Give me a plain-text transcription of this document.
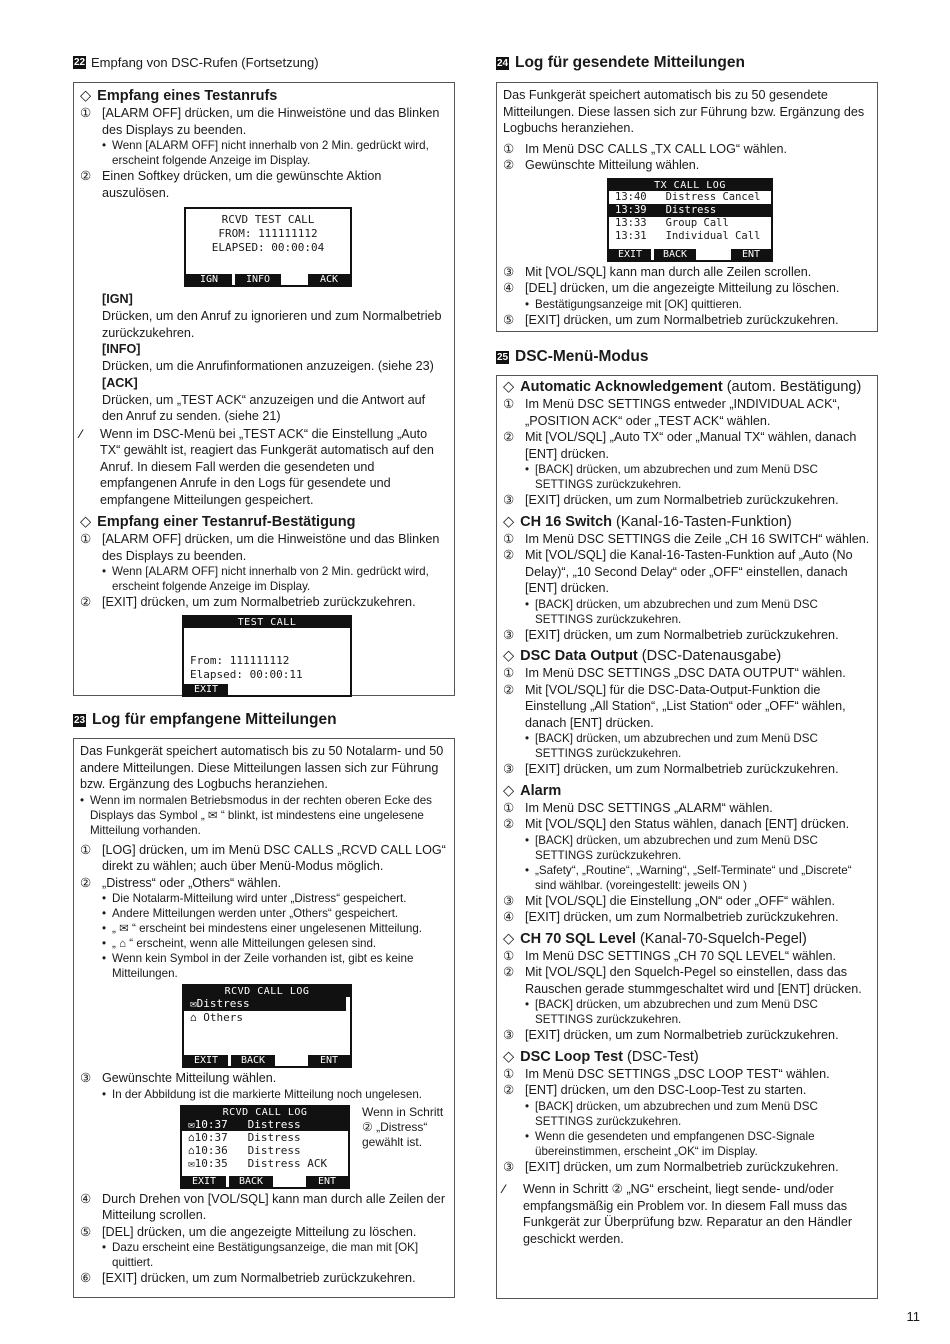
22 Empfang von DSC-Rufen (Fortsetzung)
◇ Empfang eines Testanrufs
① [ALARM OFF] drücken, um die Hinweistöne und das Blinken des Displays zu beenden.
• Wenn [ALARM OFF] nicht innerhalb von 2 Min. gedrückt wird, erscheint folgende Anzeige im Display.
② Einen Softkey drücken, um die gewünschte Aktion auszulösen.
RCVD TEST CALL
FROM: 111111112
ELAPSED: 00:00:04
IGN	INFO	ACK
[IGN]
Drücken, um den Anruf zu ignorieren und zum Normalbetrieb zurückzukehren.
[INFO]
Drücken, um die Anrufinformationen anzuzeigen. (siehe 23)
[ACK]
Drücken, um „TEST ACK“ anzuzeigen und die Antwort auf den Anruf zu senden. (siehe 21)
⁄⁄⁄	Wenn im DSC-Menü bei „TEST ACK“ die Einstellung „Auto TX“ gewählt ist, reagiert das Funkgerät automatisch auf den Anruf. In diesem Fall werden die gesendeten und empfangenen Anrufe in den Logs für gesendete und empfangene Mitteilungen gespeichert.
◇ Empfang einer Testanruf-Bestätigung
① [ALARM OFF] drücken, um die Hinweistöne und das Blinken des Displays zu beenden.
• Wenn [ALARM OFF] nicht innerhalb von 2 Min. gedrückt wird, erscheint folgende Anzeige im Display.
② [EXIT] drücken, um zum Normalbetrieb zurückzukehren.
TEST CALL
From: 111111112
Elapsed: 00:00:11
EXIT
23 Log für empfangene Mitteilungen
Das Funkgerät speichert automatisch bis zu 50 Notalarm- und 50 andere Mitteilungen. Diese Mitteilungen lassen sich zur Führung bzw. Ergänzung des Logbuchs heranziehen.
• Wenn im normalen Betriebsmodus in der rechten oberen Ecke des Displays das Symbol „ ✉ “ blinkt, ist mindestens eine ungelesene Mitteilung vorhanden.
① [LOG] drücken, um im Menü DSC CALLS „RCVD CALL LOG“ direkt zu wählen; auch über Menü-Modus möglich.
② „Distress“ oder „Others“ wählen.
• Die Notalarm-Mitteilung wird unter „Distress“ gespeichert.
• Andere Mitteilungen werden unter „Others“ gespeichert.
• „ ✉ “ erscheint bei mindestens einer ungelesenen Mitteilung.
• „ ⌂ “ erscheint, wenn alle Mitteilungen gelesen sind.
• Wenn kein Symbol in der Zeile vorhanden ist, gibt es keine Mitteilungen.
RCVD CALL LOG
✉Distress
⌂ Others
EXIT	BACK	ENT
③ Gewünschte Mitteilung wählen.
• In der Abbildung ist die markierte Mitteilung noch ungelesen.
RCVD CALL LOG
✉10:37   Distress
⌂10:37   Distress
⌂10:36   Distress
✉10:35   Distress ACK
EXIT	BACK	ENT
Wenn in Schritt ② „Distress“ gewählt ist.
④ Durch Drehen von [VOL/SQL] kann man durch alle Zeilen der Mitteilung scrollen.
⑤ [DEL] drücken, um die angezeigte Mitteilung zu löschen.
• Dazu erscheint eine Bestätigungsanzeige, die man mit [OK] quittiert.
⑥ [EXIT] drücken, um zum Normalbetrieb zurückzukehren.
24 Log für gesendete Mitteilungen
Das Funkgerät speichert automatisch bis zu 50 gesendete Mitteilungen. Diese lassen sich zur Führung bzw. Ergänzung des Logbuchs heranziehen.
① Im Menü DSC CALLS „TX CALL LOG“ wählen.
② Gewünschte Mitteilung wählen.
TX CALL LOG
13:40   Distress Cancel
13:39   Distress
13:33   Group Call
13:31   Individual Call
EXIT	BACK	ENT
③ Mit [VOL/SQL] kann man durch alle Zeilen scrollen.
④ [DEL] drücken, um die angezeigte Mitteilung zu löschen.
• Bestätigungsanzeige mit [OK] quittieren.
⑤ [EXIT] drücken, um zum Normalbetrieb zurückzukehren.
25 DSC-Menü-Modus
◇ Automatic Acknowledgement (autom. Bestätigung)
① Im Menü DSC SETTINGS entweder „INDIVIDUAL ACK“, „POSITION ACK“ oder „TEST ACK“ wählen.
② Mit [VOL/SQL] „Auto TX“ oder „Manual TX“ wählen, danach [ENT] drücken.
• [BACK] drücken, um abzubrechen und zum Menü DSC SETTINGS zurückzukehren.
③ [EXIT] drücken, um zum Normalbetrieb zurückzukehren.
◇ CH 16 Switch (Kanal-16-Tasten-Funktion)
① Im Menü DSC SETTINGS die Zeile „CH 16 SWITCH“ wählen.
② Mit [VOL/SQL] die Kanal-16-Tasten-Funktion auf „Auto (No Delay)“, „10 Second Delay“ oder „OFF“ einstellen, danach [ENT] drücken.
• [BACK] drücken, um abzubrechen und zum Menü DSC SETTINGS zurückzukehren.
③ [EXIT] drücken, um zum Normalbetrieb zurückzukehren.
◇ DSC Data Output (DSC-Datenausgabe)
① Im Menü DSC SETTINGS „DSC DATA OUTPUT“ wählen.
② Mit [VOL/SQL] für die DSC-Data-Output-Funktion die Einstellung „All Station“, „List Station“ oder „OFF“ wählen, danach [ENT] drücken.
• [BACK] drücken, um abzubrechen und zum Menü DSC SETTINGS zurückzukehren.
③ [EXIT] drücken, um zum Normalbetrieb zurückzukehren.
◇ Alarm
① Im Menü DSC SETTINGS „ALARM“ wählen.
② Mit [VOL/SQL] den Status wählen, danach [ENT] drücken.
• [BACK] drücken, um abzubrechen und zum Menü DSC SETTINGS zurückzukehren.
• „Safety“, „Routine“, „Warning“, „Self-Terminate“ und „Discrete“ sind wählbar. (voreingestellt: jeweils ON )
③ Mit [VOL/SQL] die Einstellung „ON“ oder „OFF“ wählen.
④ [EXIT] drücken, um zum Normalbetrieb zurückzukehren.
◇ CH 70 SQL Level (Kanal-70-Squelch-Pegel)
① Im Menü DSC SETTINGS „CH 70 SQL LEVEL“ wählen.
② Mit [VOL/SQL] den Squelch-Pegel so einstellen, dass das Rauschen gerade stummgeschaltet wird und [ENT] drücken.
• [BACK] drücken, um abzubrechen und zum Menü DSC SETTINGS zurückzukehren.
③ [EXIT] drücken, um zum Normalbetrieb zurückzukehren.
◇ DSC Loop Test (DSC-Test)
① Im Menü DSC SETTINGS „DSC LOOP TEST“ wählen.
② [ENT] drücken, um den DSC-Loop-Test zu starten.
• [BACK] drücken, um abzubrechen und zum Menü DSC SETTINGS zurückzukehren.
• Wenn die gesendeten und empfangenen DSC-Signale übereinstimmen, erscheint „OK“ im Display.
③ [EXIT] drücken, um zum Normalbetrieb zurückzukehren.
⁄⁄⁄	Wenn in Schritt ② „NG“ erscheint, liegt sende- und/oder empfangsmäßig ein Problem vor. In diesem Fall muss das Funkgerät zur Überprüfung bzw. Reparatur an den Händler geschickt werden.
11
